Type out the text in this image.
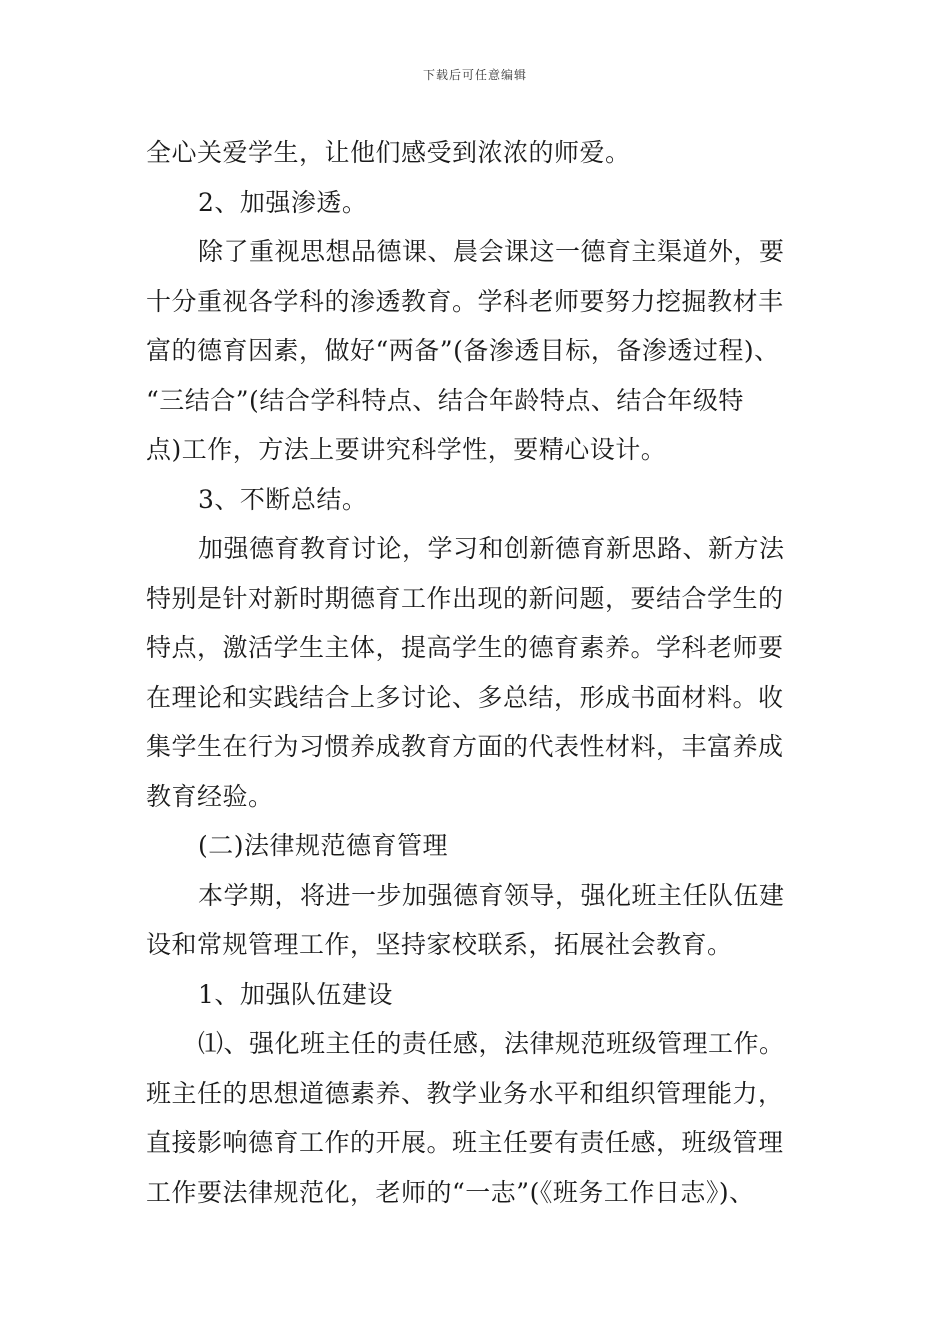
下载后可任意编辑
全心关爱学生，让他们感受到浓浓的师爱。
2、加强渗透。
除了重视思想品德课、晨会课这一德育主渠道外，要
十分重视各学科的渗透教育。学科老师要努力挖掘教材丰
富的德育因素，做好“两备”(备渗透目标，备渗透过程)、
“三结合”(结合学科特点、结合年龄特点、结合年级特
点)工作，方法上要讲究科学性，要精心设计。
3、不断总结。
加强德育教育讨论，学习和创新德育新思路、新方法
特别是针对新时期德育工作出现的新问题，要结合学生的
特点，激活学生主体，提高学生的德育素养。学科老师要
在理论和实践结合上多讨论、多总结，形成书面材料。收
集学生在行为习惯养成教育方面的代表性材料，丰富养成
教育经验。
(二)法律规范德育管理
本学期，将进一步加强德育领导，强化班主任队伍建
设和常规管理工作，坚持家校联系，拓展社会教育。
1、加强队伍建设
⑴、强化班主任的责任感，法律规范班级管理工作。
班主任的思想道德素养、教学业务水平和组织管理能力，
直接影响德育工作的开展。班主任要有责任感，班级管理
工作要法律规范化，老师的“一志”(《班务工作日志》)、
